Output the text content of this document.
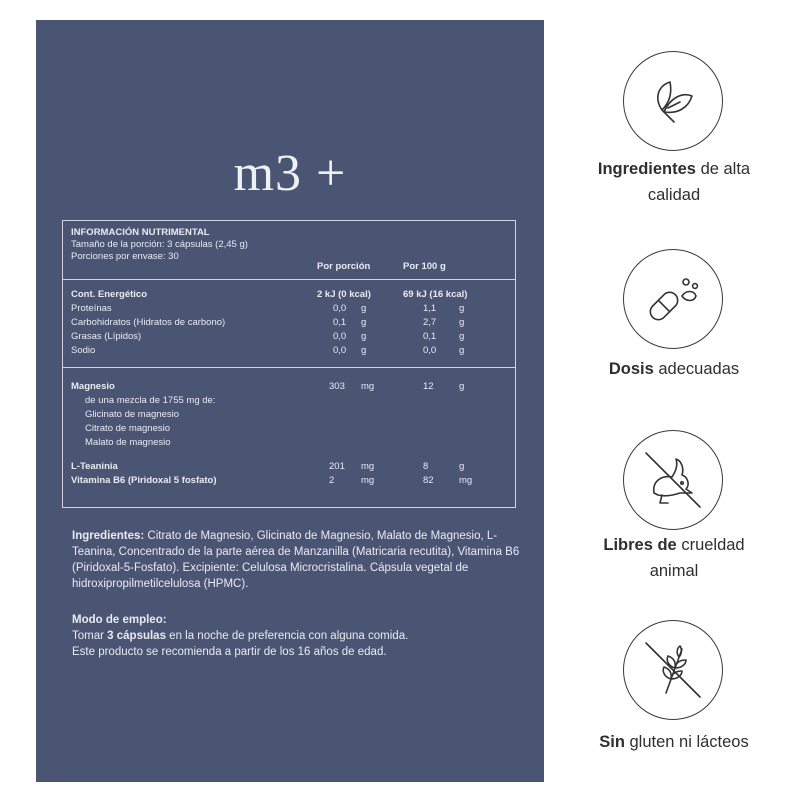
m3 +
INFORMACIÓN NUTRIMENTAL
Tamaño de la porción: 3 cápsulas (2,45 g)
Porciones por envase: 30
Por porción	Por 100 g
Cont. Energético	2 kJ (0 kcal)	69 kJ (16 kcal)
Proteínas	0,0 g	1,1 g
Carbohidratos (Hidratos de carbono)	0,1 g	2,7 g
Grasas (Lípidos)	0,0 g	0,1 g
Sodio	0,0 g	0,0 g
Magnesio	303 mg	12	g
de una mezcla de 1755 mg de:
Glicinato de magnesio
Citrato de magnesio
Malato de magnesio
L-Teaninia	201 mg	8	g
Vitamina B6 (Piridoxal 5 fosfato)	2	mg	82	mg
Ingredientes: Citrato de Magnesio, Glicinato de Magnesio, Malato de Magnesio, L-Teanina, Concentrado de la parte aérea de Manzanilla (Matricaria recutita), Vitamina B6 (Piridoxal-5-Fosfato). Excipiente: Celulosa Microcristalina. Cápsula vegetal de hidroxipropilmetilcelulosa (HPMC).
Modo de empleo:
Tomar 3 cápsulas en la noche de preferencia con alguna comida.
Este producto se recomienda a partir de los 16 años de edad.
Ingredientes de alta
calidad
Dosis adecuadas
Libres de crueldad
animal
Sin gluten ni lácteos
